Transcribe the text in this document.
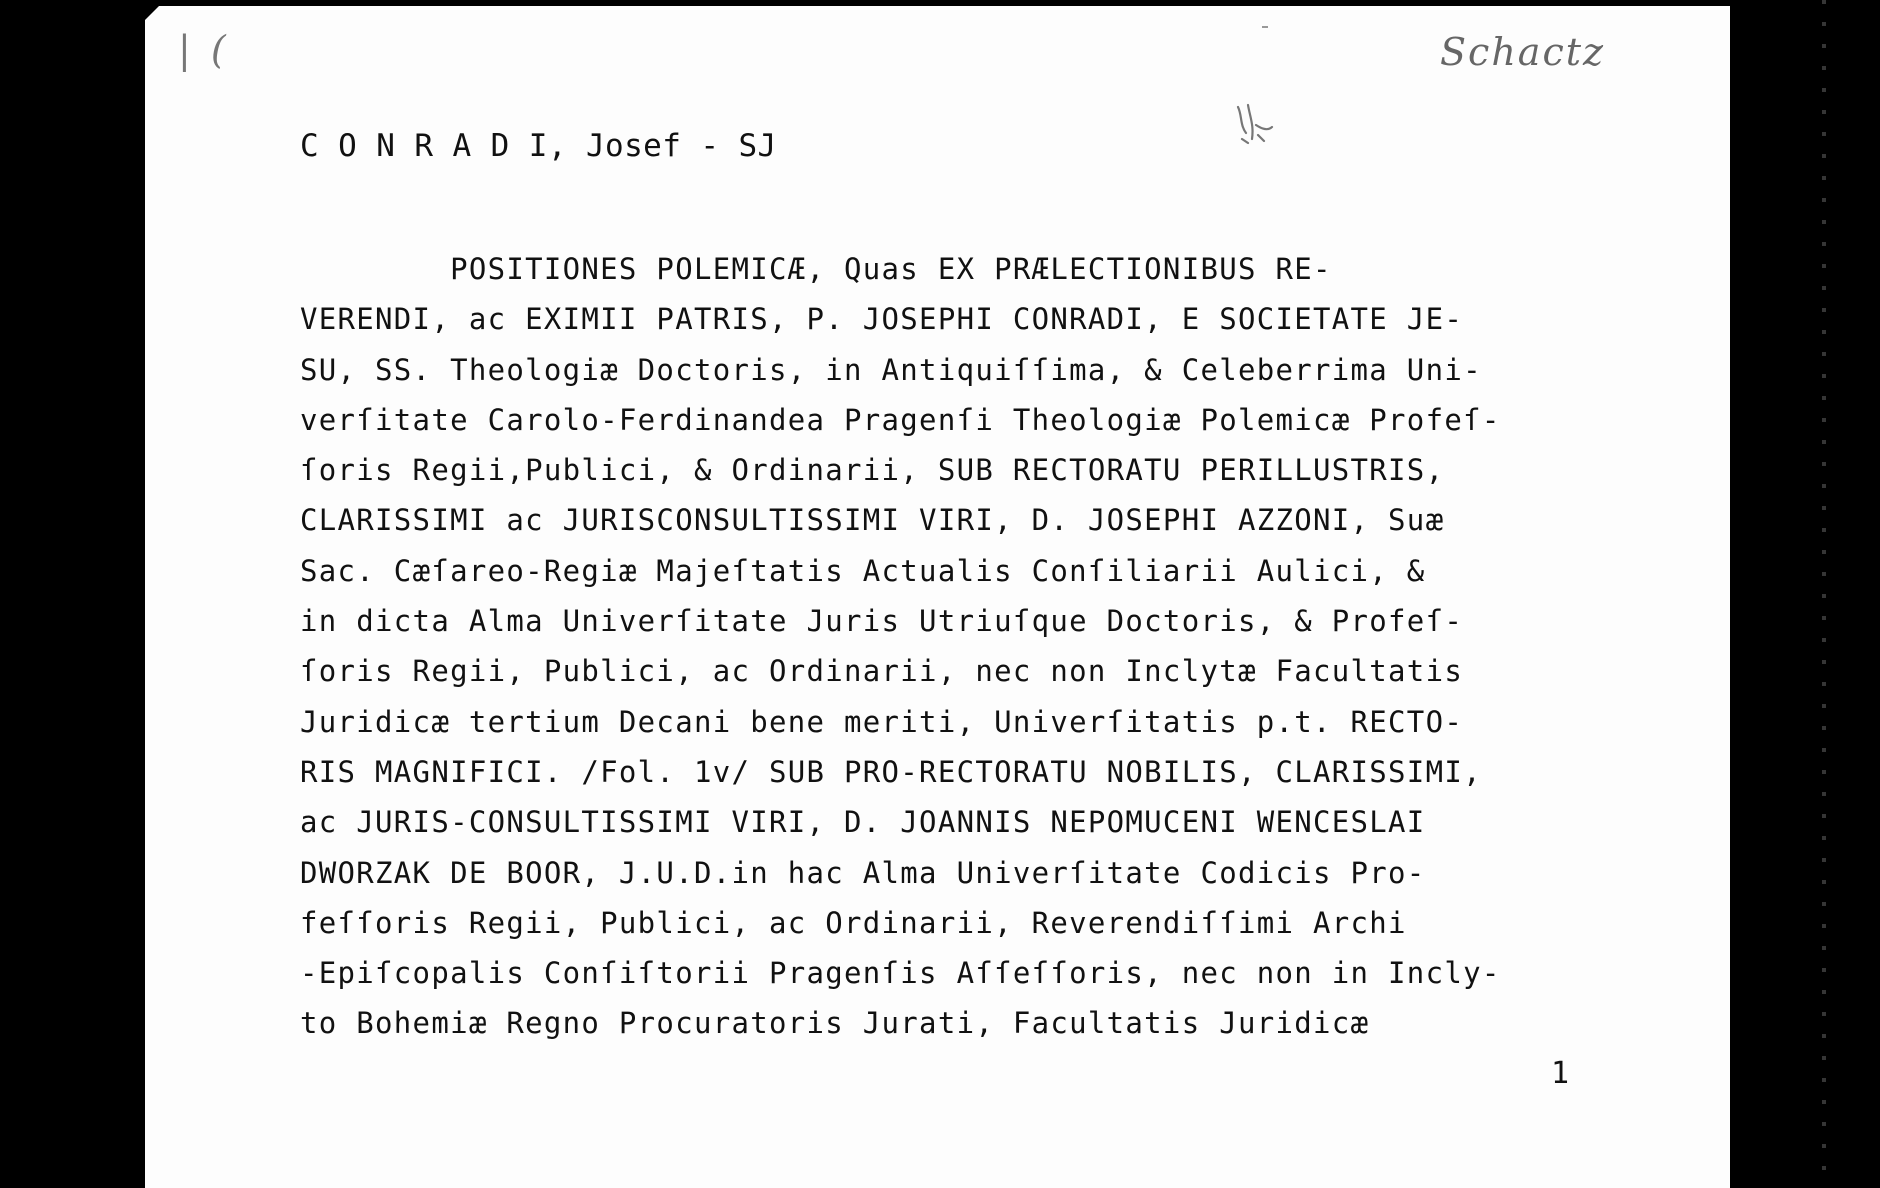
| (	Schactz
C O N R A D I, Josef - SJ
POSITIONES POLEMICÆ, Quas EX PRÆLECTIONIBUS RE-
VERENDI, ac EXIMII PATRIS, P. JOSEPHI CONRADI, E SOCIETATE JE-
SU, SS. Theologiæ Doctoris, in Antiquiſſima, & Celeberrima Uni-
verſitate Carolo-Ferdinandea Pragenſi Theologiæ Polemicæ Profeſ-
ſoris Regii,Publici, & Ordinarii, SUB RECTORATU PERILLUSTRIS,
CLARISSIMI ac JURISCONSULTISSIMI VIRI, D. JOSEPHI AZZONI, Suæ
Sac. Cæſareo-Regiæ Majeſtatis Actualis Conſiliarii Aulici, &
in dicta Alma Univerſitate Juris Utriuſque Doctoris, & Profeſ-
ſoris Regii, Publici, ac Ordinarii, nec non Inclytæ Facultatis
Juridicæ tertium Decani bene meriti, Univerſitatis p.t. RECTO-
RIS MAGNIFICI. /Fol. 1v/ SUB PRO-RECTORATU NOBILIS, CLARISSIMI,
ac JURIS-CONSULTISSIMI VIRI, D. JOANNIS NEPOMUCENI WENCESLAI
DWORZAK DE BOOR, J.U.D.in hac Alma Univerſitate Codicis Pro-
feſſoris Regii, Publici, ac Ordinarii, Reverendiſſimi Archi
-Epiſcopalis Conſiſtorii Pragenſis Aſſeſſoris, nec non in Incly-
to Bohemiæ Regno Procuratoris Jurati, Facultatis Juridicæ
1
